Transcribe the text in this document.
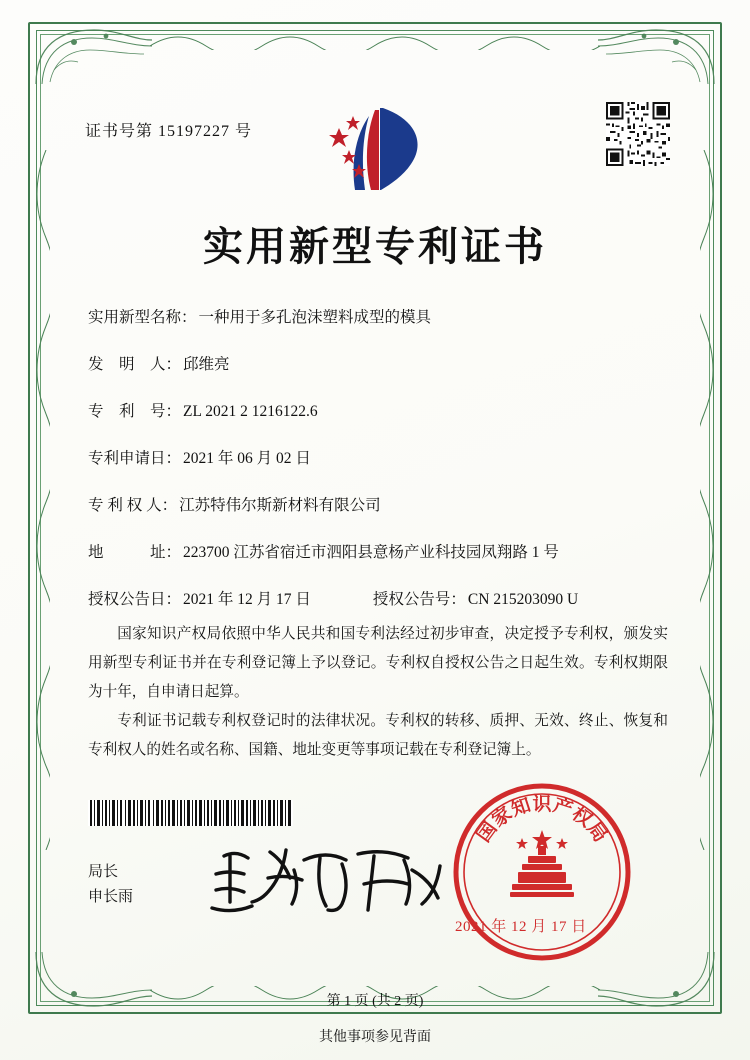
证书号第 15197227 号
实用新型专利证书
实用新型名称： 一种用于多孔泡沫塑料成型的模具
发　明　人： 邱维亮
专　利　号： ZL 2021 2 1216122.6
专利申请日： 2021 年 06 月 02 日
专 利 权 人： 江苏特伟尔斯新材料有限公司
地　　　址： 223700 江苏省宿迁市泗阳县意杨产业科技园凤翔路 1 号
授权公告日： 2021 年 12 月 17 日	授权公告号： CN 215203090 U

国家知识产权局依照中华人民共和国专利法经过初步审查，决定授予专利权，颁发实用新型专利证书并在专利登记簿上予以登记。专利权自授权公告之日起生效。专利权期限为十年，自申请日起算。

专利证书记载专利权登记时的法律状况。专利权的转移、质押、无效、终止、恢复和专利权人的姓名或名称、国籍、地址变更等事项记载在专利登记簿上。

局长
申长雨
国
家
知 识 产
权
局
2021 年 12 月 17 日
第 1 页 (共 2 页)
其他事项参见背面
